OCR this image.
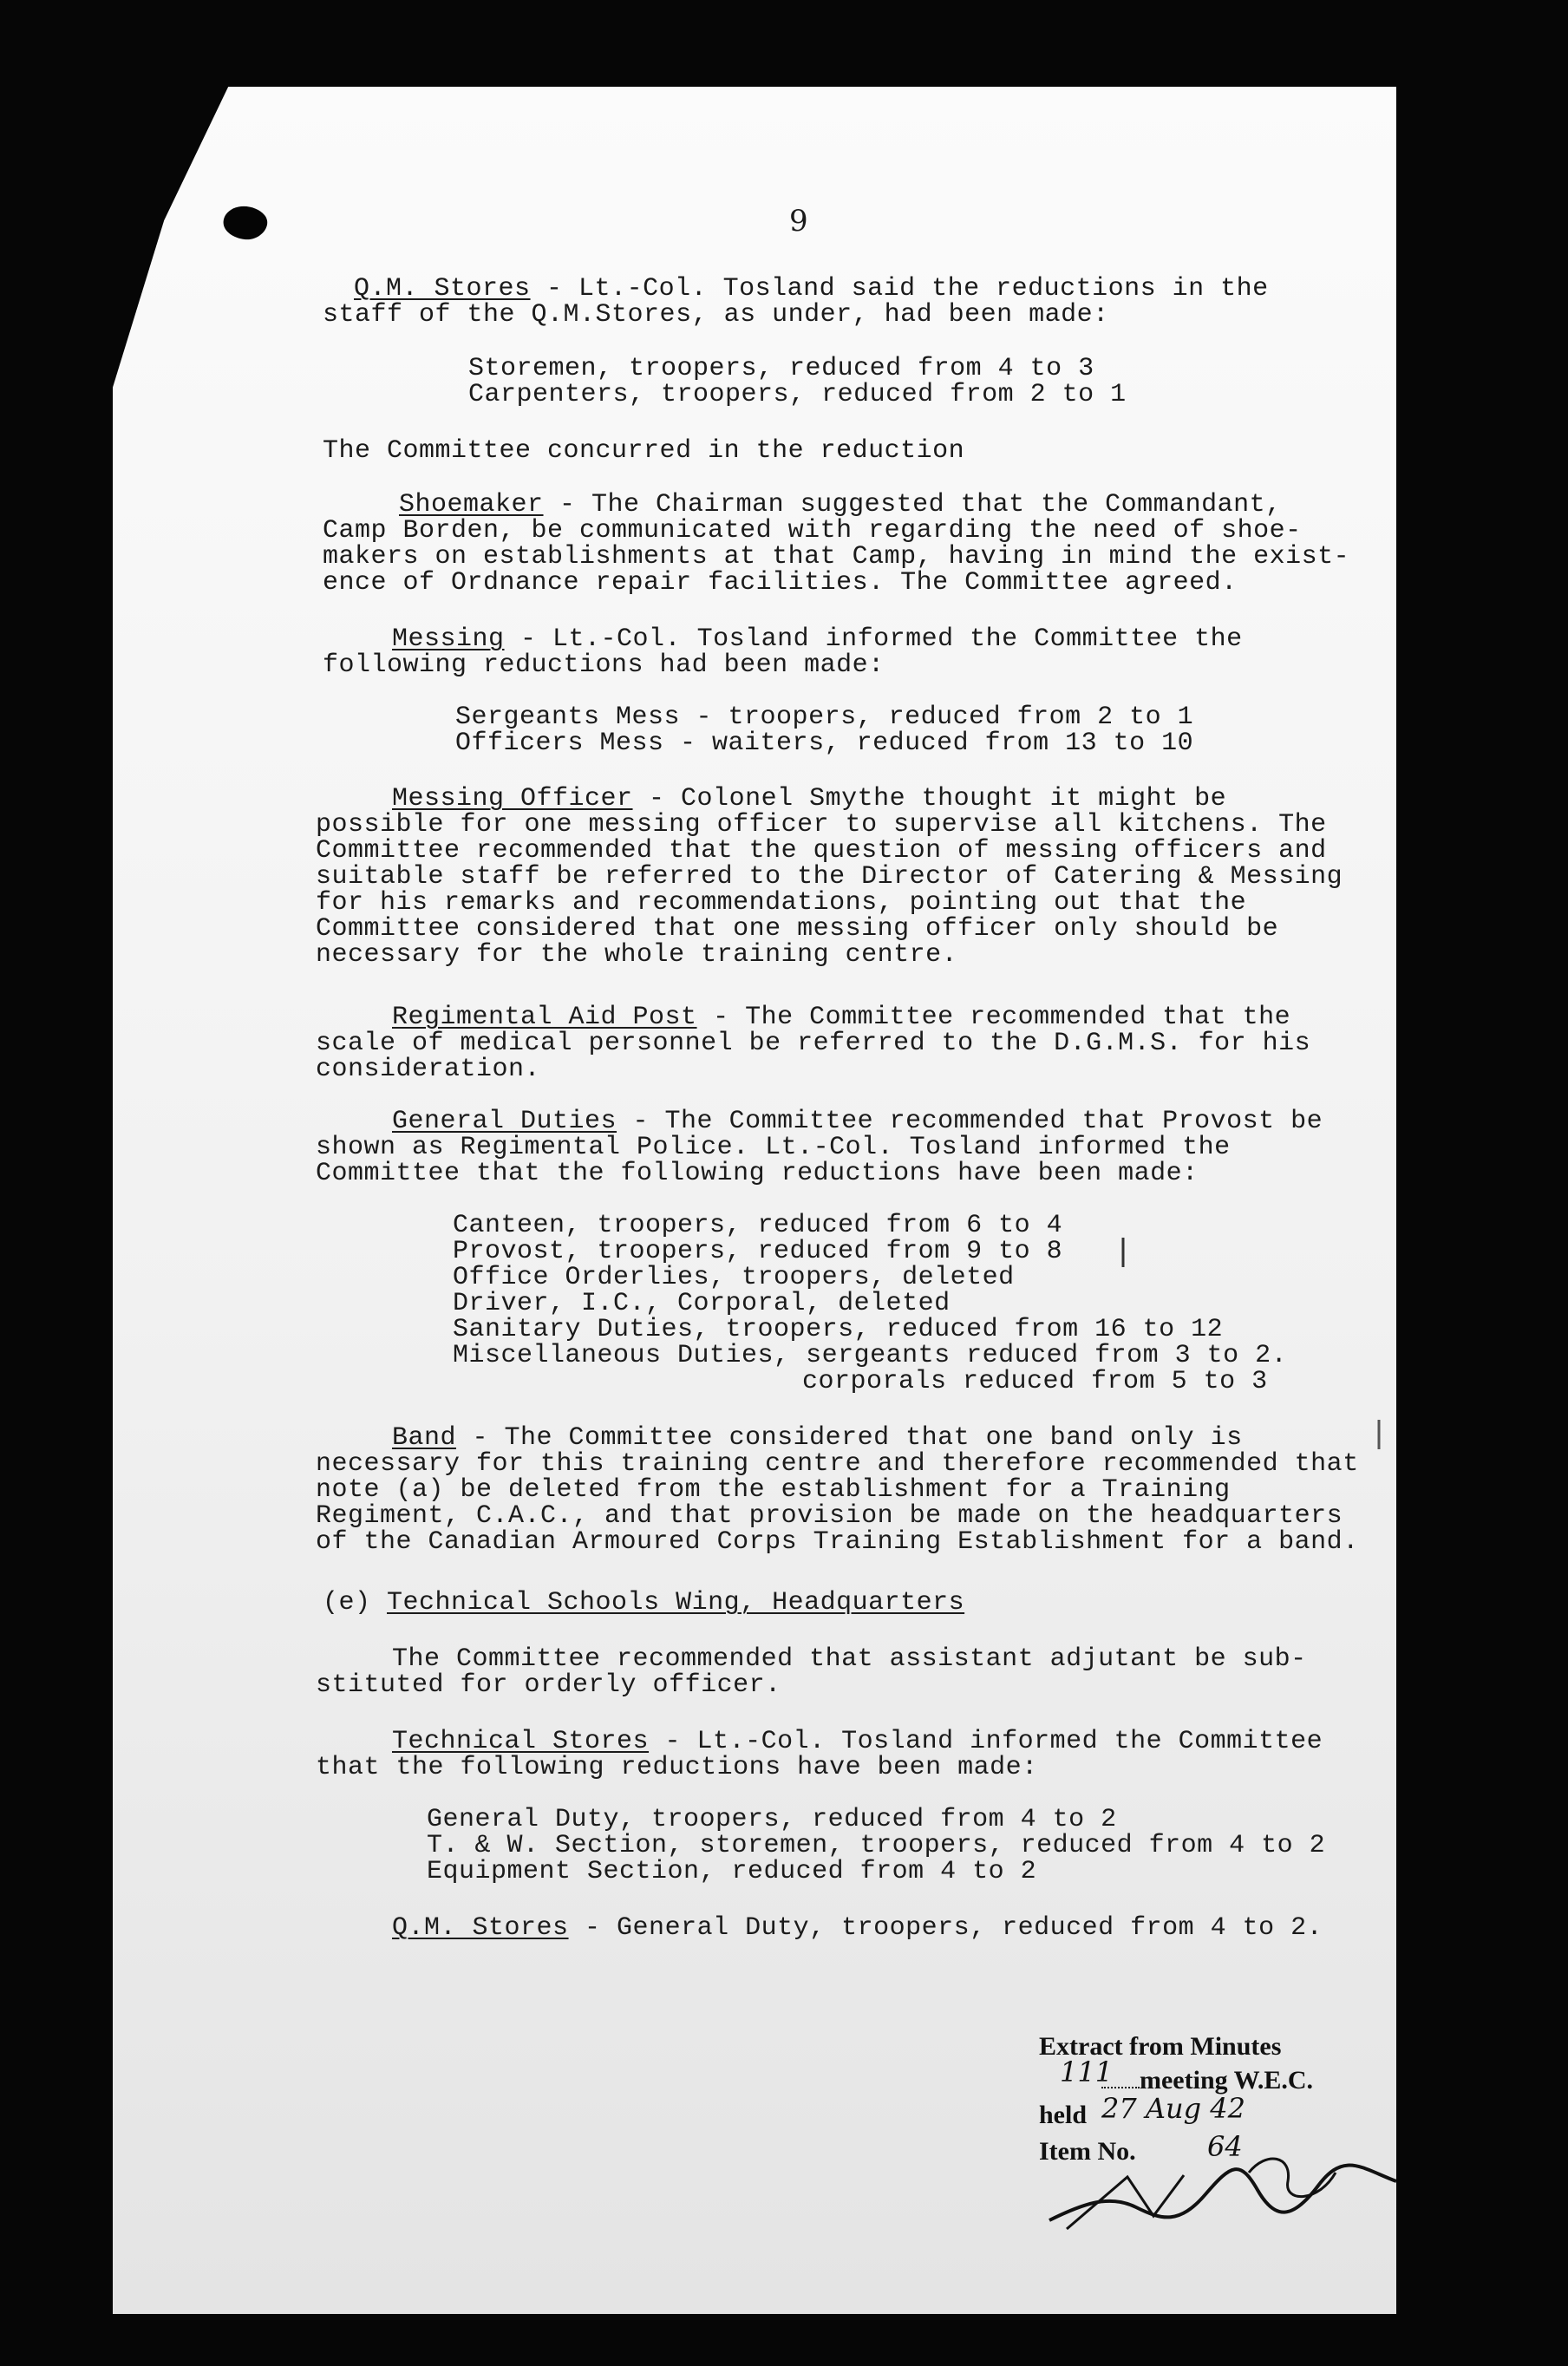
9
Q.M. Stores - Lt.-Col. Tosland said the reductions in the
staff of the Q.M.Stores, as under, had been made:
Storemen, troopers, reduced from 4 to 3
Carpenters, troopers, reduced from 2 to 1
The Committee concurred in the reduction
Shoemaker - The Chairman suggested that the Commandant,
Camp Borden, be communicated with regarding the need of shoe-
makers on establishments at that Camp, having in mind the exist-
ence of Ordnance repair facilities. The Committee agreed.
Messing - Lt.-Col. Tosland informed the Committee the
following reductions had been made:
Sergeants Mess - troopers, reduced from 2 to 1
Officers Mess - waiters, reduced from 13 to 10
Messing Officer - Colonel Smythe thought it might be
possible for one messing officer to supervise all kitchens. The
Committee recommended that the question of messing officers and
suitable staff be referred to the Director of Catering & Messing
for his remarks and recommendations, pointing out that the
Committee considered that one messing officer only should be
necessary for the whole training centre.
Regimental Aid Post - The Committee recommended that the
scale of medical personnel be referred to the D.G.M.S. for his
consideration.
General Duties - The Committee recommended that Provost be
shown as Regimental Police. Lt.-Col. Tosland informed the
Committee that the following reductions have been made:
Canteen, troopers, reduced from 6 to 4
Provost, troopers, reduced from 9 to 8
Office Orderlies, troopers, deleted
Driver, I.C., Corporal, deleted
Sanitary Duties, troopers, reduced from 16 to 12
Miscellaneous Duties, sergeants reduced from 3 to 2.
corporals reduced from 5 to 3
Band - The Committee considered that one band only is
necessary for this training centre and therefore recommended that
note (a) be deleted from the establishment for a Training
Regiment, C.A.C., and that provision be made on the headquarters
of the Canadian Armoured Corps Training Establishment for a band.
(e) Technical Schools Wing, Headquarters
The Committee recommended that assistant adjutant be sub-
stituted for orderly officer.
Technical Stores - Lt.-Col. Tosland informed the Committee
that the following reductions have been made:
General Duty, troopers, reduced from 4 to 2
T. & W. Section, storemen, troopers, reduced from 4 to 2
Equipment Section, reduced from 4 to 2
Q.M. Stores - General Duty, troopers, reduced from 4 to 2.
Extract from Minutes
111	meeting W.E.C.
held 27 Aug 42
Item No.	64
